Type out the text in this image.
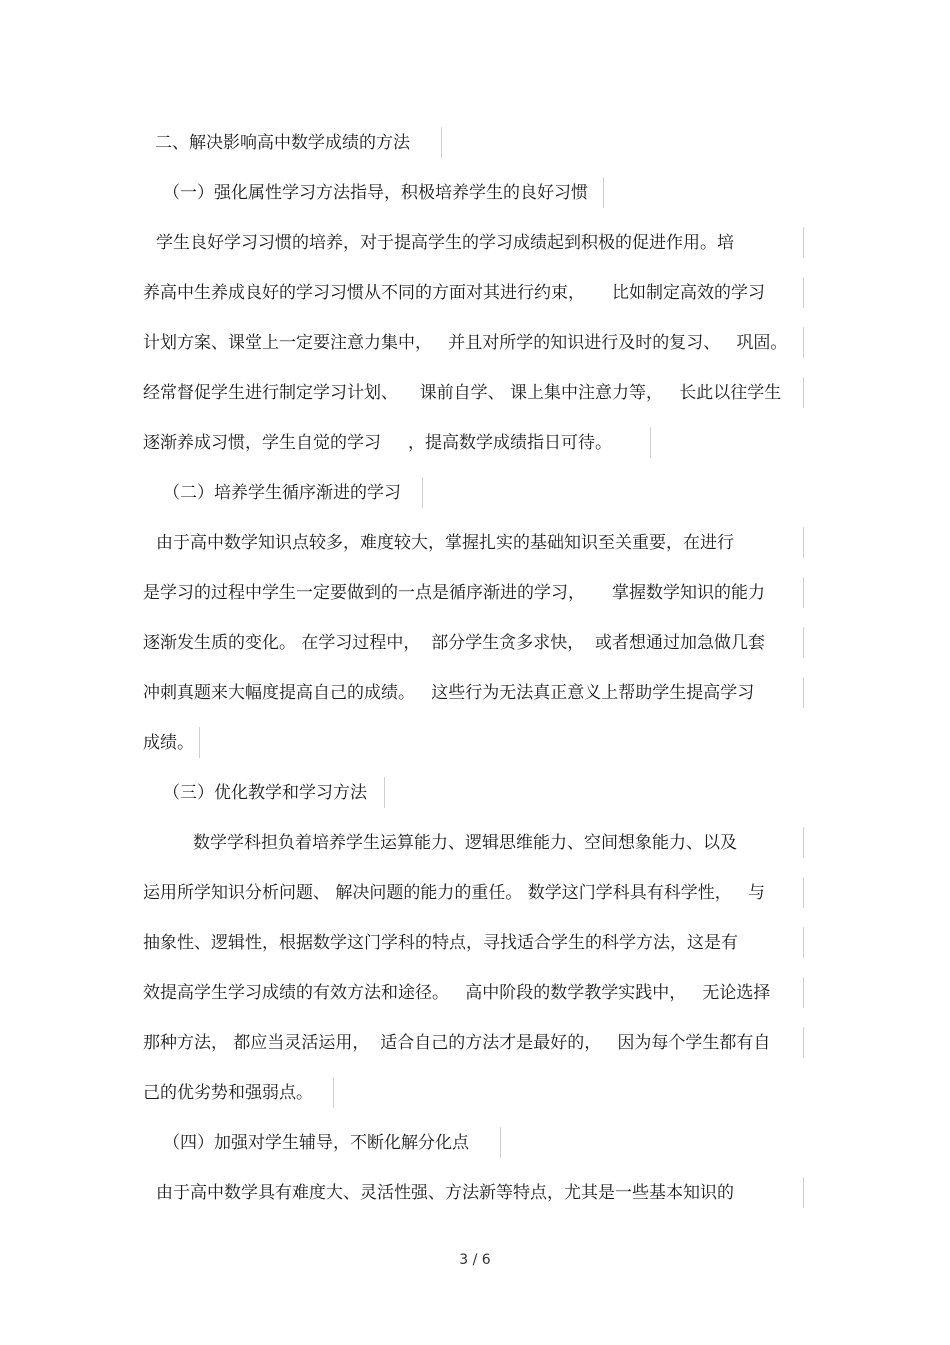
二、解决影响高中数学成绩的方法
（一）强化属性学习方法指导，积极培养学生的良好习惯
学生良好学习习惯的培养，对于提高学生的学习成绩起到积极的促进作用。培
养高中生养成良好的学习习惯从不同的方面对其进行约束，     比如制定高效的学习
计划方案、课堂上一定要注意力集中，   并且对所学的知识进行及时的复习、   巩固。
经常督促学生进行制定学习计划、    课前自学、 课上集中注意力等，   长此以往学生
逐渐养成习惯，学生自觉的学习     ，提高数学成绩指日可待。
（二）培养学生循序渐进的学习
由于高中数学知识点较多，难度较大，掌握扎实的基础知识至关重要，在进行
是学习的过程中学生一定要做到的一点是循序渐进的学习，     掌握数学知识的能力
逐渐发生质的变化。 在学习过程中，  部分学生贪多求快，  或者想通过加急做几套
冲刺真题来大幅度提高自己的成绩。   这些行为无法真正意义上帮助学生提高学习
成绩。
（三）优化教学和学习方法
数学学科担负着培养学生运算能力、逻辑思维能力、空间想象能力、以及
运用所学知识分析问题、 解决问题的能力的重任。 数学这门学科具有科学性，   与
抽象性、逻辑性，根据数学这门学科的特点，寻找适合学生的科学方法，这是有
效提高学生学习成绩的有效方法和途径。   高中阶段的数学教学实践中，   无论选择
那种方法， 都应当灵活运用，  适合自己的方法才是最好的，   因为每个学生都有自
己的优劣势和强弱点。
（四）加强对学生辅导，不断化解分化点
由于高中数学具有难度大、灵活性强、方法新等特点，尤其是一些基本知识的
3 / 6
